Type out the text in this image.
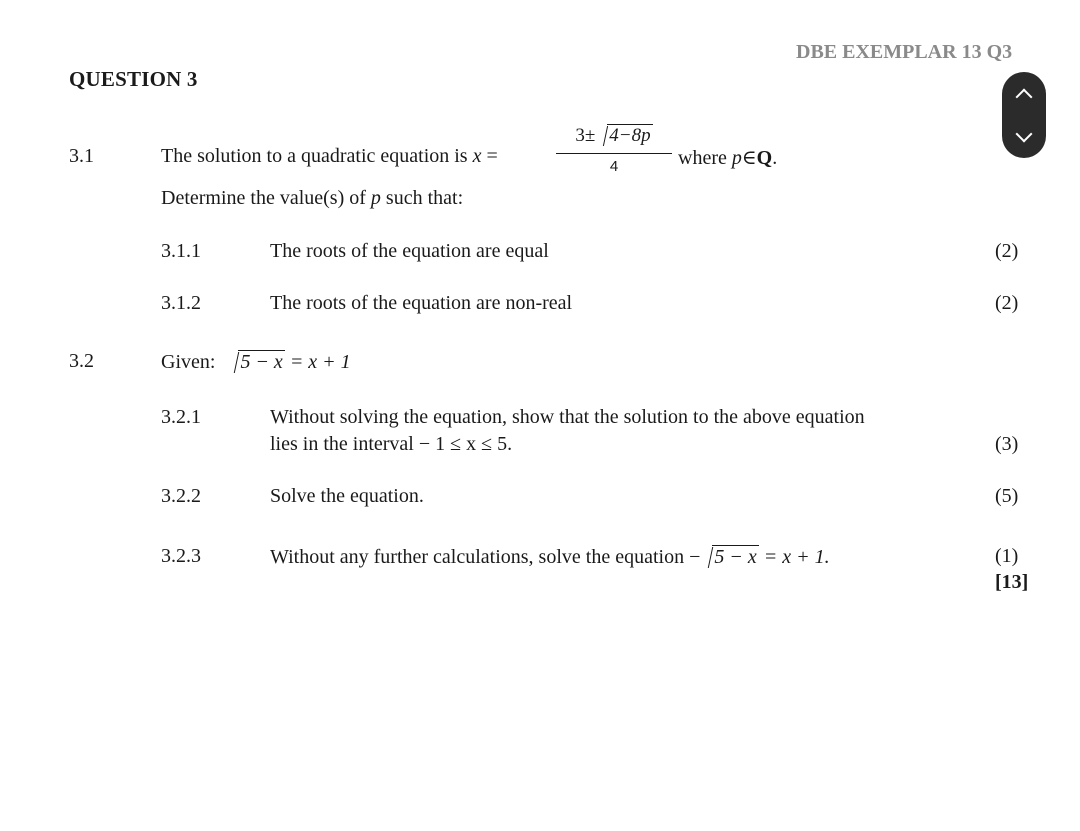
DBE EXEMPLAR 13 Q3
QUESTION 3
3.1	The solution to a quadratic equation is x =
3± 4−8p
4	where p∈Q.
Determine the value(s) of p such that:
3.1.1	The roots of the equation are equal	(2)
3.1.2	The roots of the equation are non-real	(2)
3.2	Given: 5 − x = x + 1
3.2.1	Without solving the equation, show that the solution to the above equation
lies in the interval − 1 ≤ x ≤ 5.	(3)
3.2.2	Solve the equation.	(5)
3.2.3	Without any further calculations, solve the equation − 5 − x = x + 1.	(1)
[13]
